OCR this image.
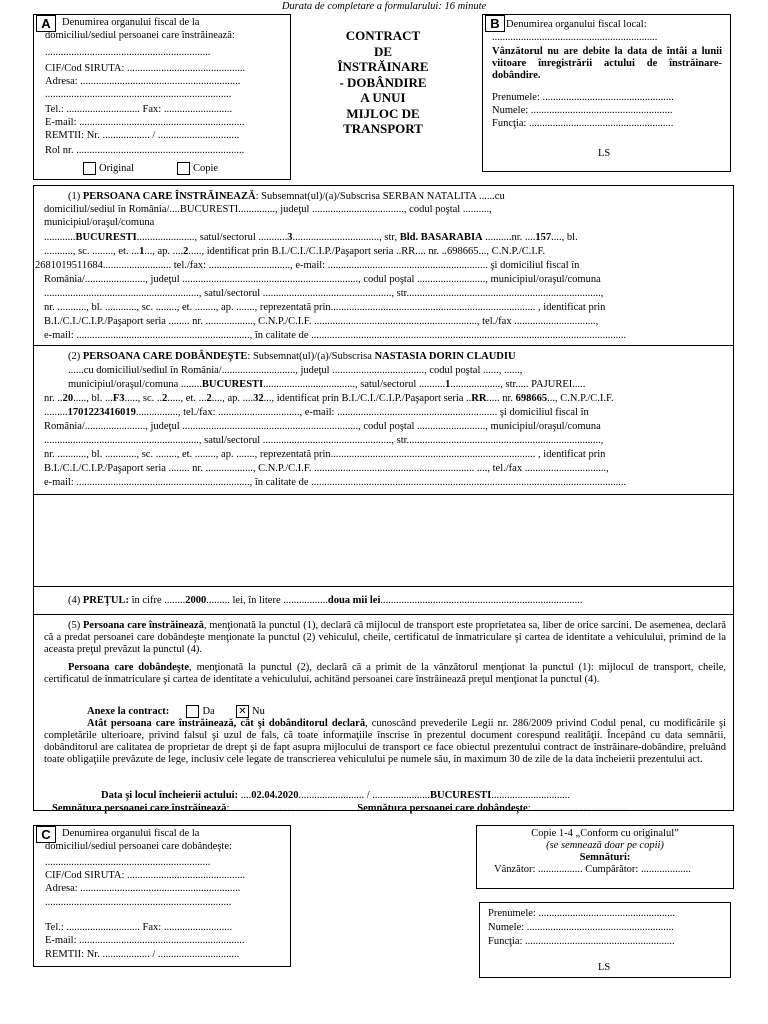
Durata de completare a formularului: 16 minute
A	Denumirea organului fiscal de la
domiciliul/sediul persoanei care înstrăinează:
...............................................................
CIF/Cod SIRUTA: .............................................
Adresa: .............................................................
.......................................................................
Tel.: ............................ Fax: ..........................
E-mail: ...............................................................
REMTII: Nr. .................. / ...............................
Rol nr. ................................................................
Original	Copie
CONTRACT
DE
ÎNSTRĂINARE
- DOBÂNDIRE
A UNUI
MIJLOC DE
TRANSPORT
B Denumirea organului fiscal local:
...............................................................
Vânzătorul nu are debite la data de întâi a lunii viitoare înregistrării actului de înstrăinare-dobândire.
Prenumele: ..................................................
Numele: ......................................................
Funcţia: .......................................................
LS
(1) PERSOANA CARE ÎNSTRĂINEAZĂ: Subsemnat(ul)/(a)/Subscrisa SERBAN NATALITA ......cu
domiciliul/sediul în România/....BUCURESTI.............., judeţul ..................................., codul poştal ..........,
municipiul/oraşul/comuna
............BUCURESTI......................, satul/sectorul ...........3................................., str, Bld. BASARABIA ..........nr. ....157...., bl.
..........., sc. ........, et. ...1..., ap. ....2....., identificat prin B.I./C.I./C.I.P./Paşaport seria ..RR.... nr. ..698665..., C.N.P./C.I.F.
2681019511684.......................... tel./fax: ..............................., e-mail: ............................................................. şi domiciliul fiscal în
România/......................., judeţul ..................................................................., codul poştal .........................., municipiul/oraşul/comuna
..........................................................., satul/sectorul ................................................., str..........................................................................,
nr. ..........., bl. ............, sc. ........, et. ........, ap. ......., reprezentată prin.............................................................................. , identificat prin
B.I./C.I./C.I.P./Paşaport seria ........ nr. .................., C.N.P./C.I.F. .............................................................., tel./fax ...............................,
e-mail: .................................................................., în calitate de ........................................................................................................................
(2) PERSOANA CARE DOBÂNDEŞTE: Subsemnat(ul)/(a)/Subscrisa NASTASIA DORIN CLAUDIU
......cu domiciliul/sediul în România/............................, judeţul ..................................., codul poştal ......, ......,
municipiul/oraşul/comuna ........BUCURESTI..................................., satul/sectorul ..........1..................., str..... PAJUREI.....
nr. ..20....., bl. ...F3....., sc. ..2....., et. ...2...., ap. ....32..., identificat prin B.I./C.I./C.I.P./Paşaport seria ..RR..... nr. 698665..., C.N.P./C.I.F.
.........1701223416019................, tel./fax: ..............................., e-mail: ............................................................. şi domiciliul fiscal în
România/......................., judeţul ..................................................................., codul poştal .........................., municipiul/oraşul/comuna
..........................................................., satul/sectorul ................................................., str..........................................................................,
nr. ..........., bl. ............, sc. ........, et. ........, ap. ......., reprezentată prin.............................................................................. , identificat prin
B.I./C.I./C.I.P./Paşaport seria ........ nr. .................., C.N.P./C.I.F. ............................................................. ...., tel./fax ...............................,
e-mail: .................................................................., în calitate de ........................................................................................................................
(4) PREŢUL: în cifre ........2000......... lei, în litere .................doua mii lei.............................................................................
(5) Persoana care înstrăinează, menţionată la punctul (1), declară că mijlocul de transport este proprietatea sa, liber de orice sarcini. De asemenea, declară că a predat persoanei care dobândeşte menţionate la punctul (2) vehiculul, cheile, certificatul de înmatriculare şi cartea de identitate a vehiculului, primind de la aceasta preţul prevăzut la punctul (4).
Persoana care dobândeşte, menţionată la punctul (2), declară că a primit de la vânzătorul menţionat la punctul (1): mijlocul de transport, cheile, certificatul de înmatriculare şi cartea de identitate a vehiculului, achitând persoanei care înstrăinează preţul menţionat la punctul (4).
Anexe la contract:	Da ✕ Nu
Atât persoana care înstrăinează, cât şi dobânditorul declară, cunoscând prevederile Legii nr. 286/2009 privind Codul penal, cu modificările şi completările ulterioare, privind falsul şi uzul de fals, că toate informaţiile înscrise în prezentul document corespund realităţii. Începând cu data semnării, dobânditorul are calitatea de proprietar de drept şi de fapt asupra mijlocului de transport ce face obiectul prezentului contract de înstrăinare-dobândire, preluând toate obligaţiile prevăzute de lege, inclusiv cele legate de transcrierea vehiculului pe numele său, în maximum 30 de zile de la data încheierii prezentului act.
Data şi locul încheierii actului: ....02.04.2020......................... / ......................BUCURESTI..............................
Semnătura persoanei care înstrăinează: ..................................	Semnătura persoanei care dobândeşte: ....................................
C	Denumirea organului fiscal de la
domiciliul/sediul persoanei care dobândeşte:
...............................................................
CIF/Cod SIRUTA: .............................................
Adresa: .............................................................
.......................................................................
Tel.: ............................ Fax: ..........................
E-mail: ...............................................................
REMTII: Nr. .................. / ...............................
Copie 1-4 „Conform cu originalul”
(se semnează doar pe copii)
Semnături:
Vânzător: ................. Cumpărător: ...................
Prenumele: ....................................................
Numele: ........................................................
Funcţia: .........................................................
LS
